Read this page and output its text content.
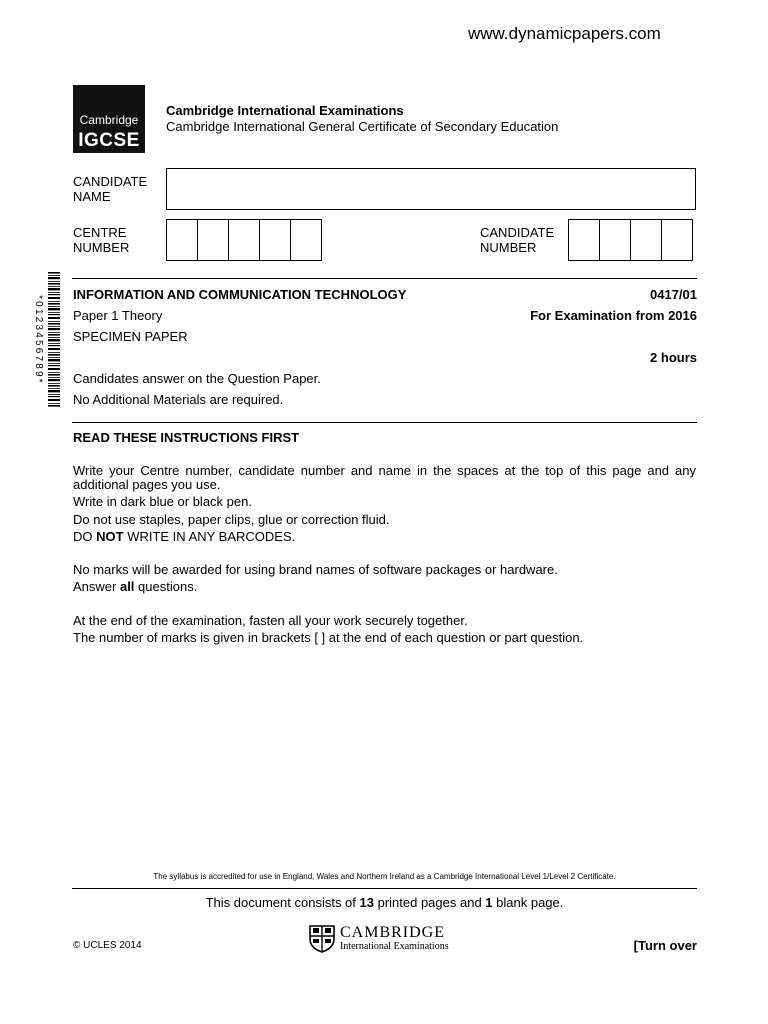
www.dynamicpapers.com
Cambridge
IGCSE
Cambridge International Examinations
Cambridge International General Certificate of Secondary Education
CANDIDATE
NAME
CENTRE
NUMBER
CANDIDATE
NUMBER
*0123456789*
INFORMATION AND COMMUNICATION TECHNOLOGY	0417/01
Paper 1 Theory	For Examination from 2016
SPECIMEN PAPER
2 hours
Candidates answer on the Question Paper.
No Additional Materials are required.
READ THESE INSTRUCTIONS FIRST
Write your Centre number, candidate number and name in the spaces at the top of this page and any additional pages you use.
Write in dark blue or black pen.
Do not use staples, paper clips, glue or correction fluid.
DO NOT WRITE IN ANY BARCODES.
No marks will be awarded for using brand names of software packages or hardware.
Answer all questions.
At the end of the examination, fasten all your work securely together.
The number of marks is given in brackets [ ] at the end of each question or part question.
The syllabus is accredited for use in England, Wales and Northern Ireland as a Cambridge International Level 1/Level 2 Certificate.
This document consists of 13 printed pages and 1 blank page.
© UCLES 2014
CAMBRIDGE
International Examinations	[Turn over
